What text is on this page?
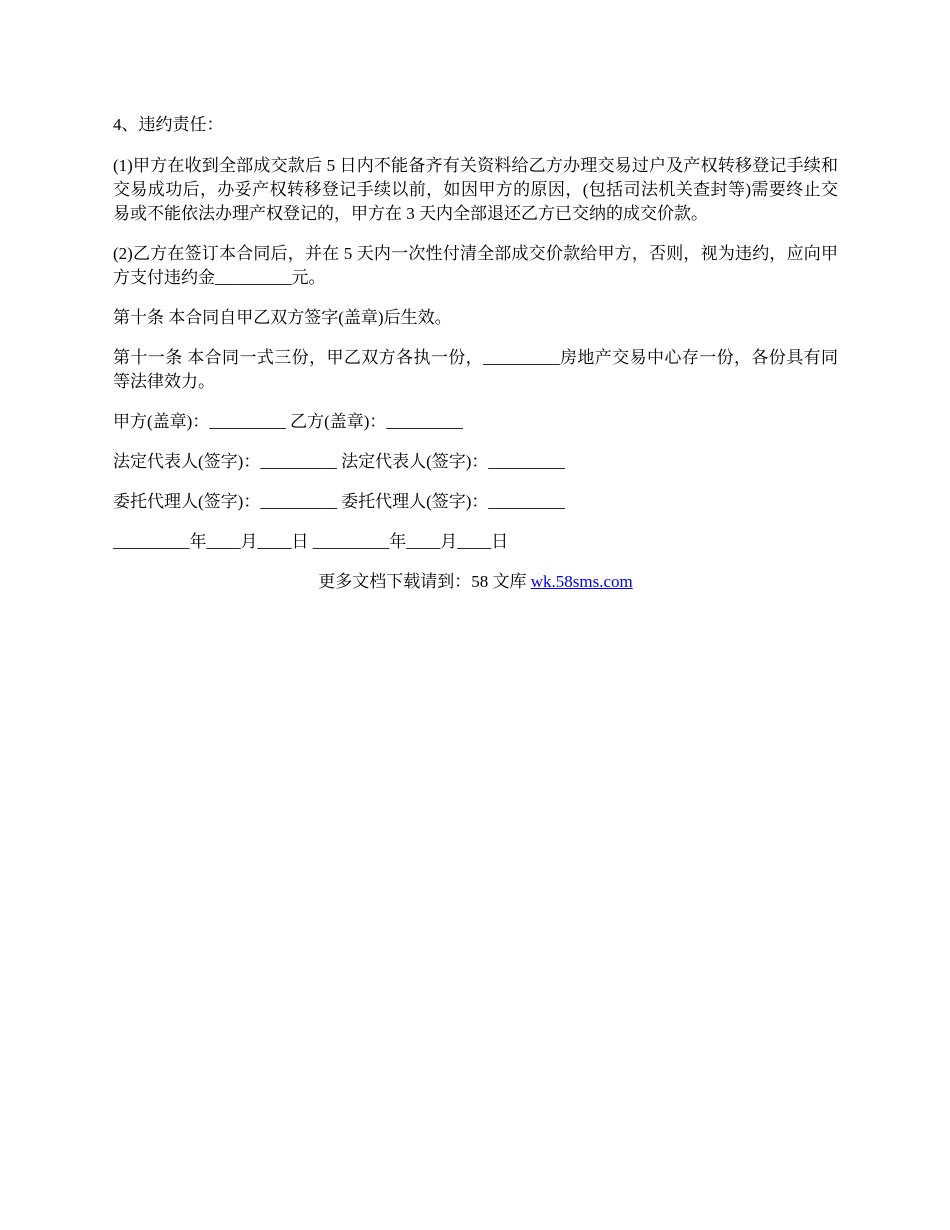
4、违约责任：

(1)甲方在收到全部成交款后 5 日内不能备齐有关资料给乙方办理交易过户及产权转移登记手续和交易成功后，办妥产权转移登记手续以前，如因甲方的原因，(包括司法机关查封等)需要终止交易或不能依法办理产权登记的，甲方在 3 天内全部退还乙方已交纳的成交价款。

(2)乙方在签订本合同后，并在 5 天内一次性付清全部成交价款给甲方，否则，视为违约，应向甲方支付违约金_________元。

第十条 本合同自甲乙双方签字(盖章)后生效。

第十一条 本合同一式三份，甲乙双方各执一份，_________房地产交易中心存一份，各份具有同等法律效力。

甲方(盖章)：_________ 乙方(盖章)：_________

法定代表人(签字)：_________ 法定代表人(签字)：_________

委托代理人(签字)：_________ 委托代理人(签字)：_________

_________年____月____日 _________年____月____日

更多文档下载请到：58 文库 wk.58sms.com
